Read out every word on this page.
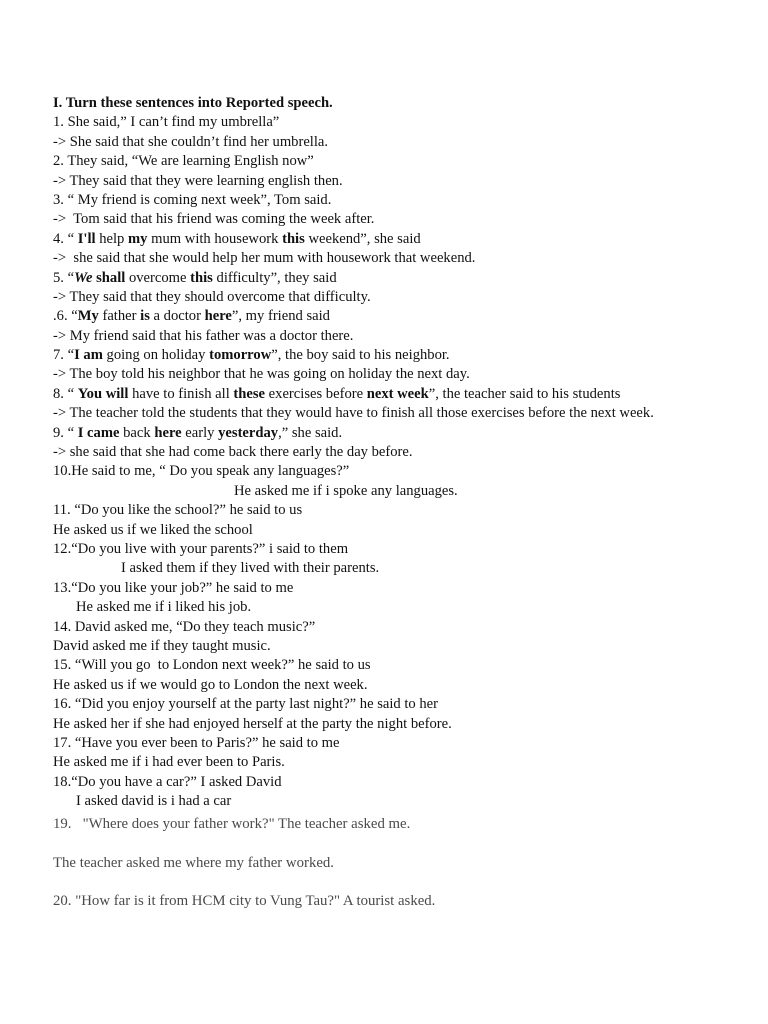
I. Turn these sentences into Reported speech.
1. She said,” I can’t find my umbrella”
-> She said that she couldn’t find her umbrella.
2. They said, “We are learning English now”
-> They said that they were learning english then.
3. “ My friend is coming next week”, Tom said.
->  Tom said that his friend was coming the week after.
4. “ I'll help my mum with housework this weekend”, she said
->  she said that she would help her mum with housework that weekend.
5. “We shall overcome this difficulty”, they said
-> They said that they should overcome that difficulty.
.6. “My father is a doctor here”, my friend said
-> My friend said that his father was a doctor there.
7. “I am going on holiday tomorrow”, the boy said to his neighbor.
-> The boy told his neighbor that he was going on holiday the next day.
8. “ You will have to finish all these exercises before next week”, the teacher said to his students
-> The teacher told the students that they would have to finish all those exercises before the next week.
9. “ I came back here early yesterday,” she said.
-> she said that she had come back there early the day before.
10.He said to me, “ Do you speak any languages?”
He asked me if i spoke any languages.
11. “Do you like the school?” he said to us
He asked us if we liked the school
12.“Do you live with your parents?” i said to them
I asked them if they lived with their parents.
13.“Do you like your job?” he said to me
He asked me if i liked his job.
14. David asked me, “Do they teach music?”
David asked me if they taught music.
15. “Will you go  to London next week?” he said to us
He asked us if we would go to London the next week.
16. “Did you enjoy yourself at the party last night?” he said to her
He asked her if she had enjoyed herself at the party the night before.
17. “Have you ever been to Paris?” he said to me
He asked me if i had ever been to Paris.
18.“Do you have a car?” I asked David
I asked david is i had a car
19.   "Where does your father work?" The teacher asked me.
The teacher asked me where my father worked.
20. "How far is it from HCM city to Vung Tau?" A tourist asked.
